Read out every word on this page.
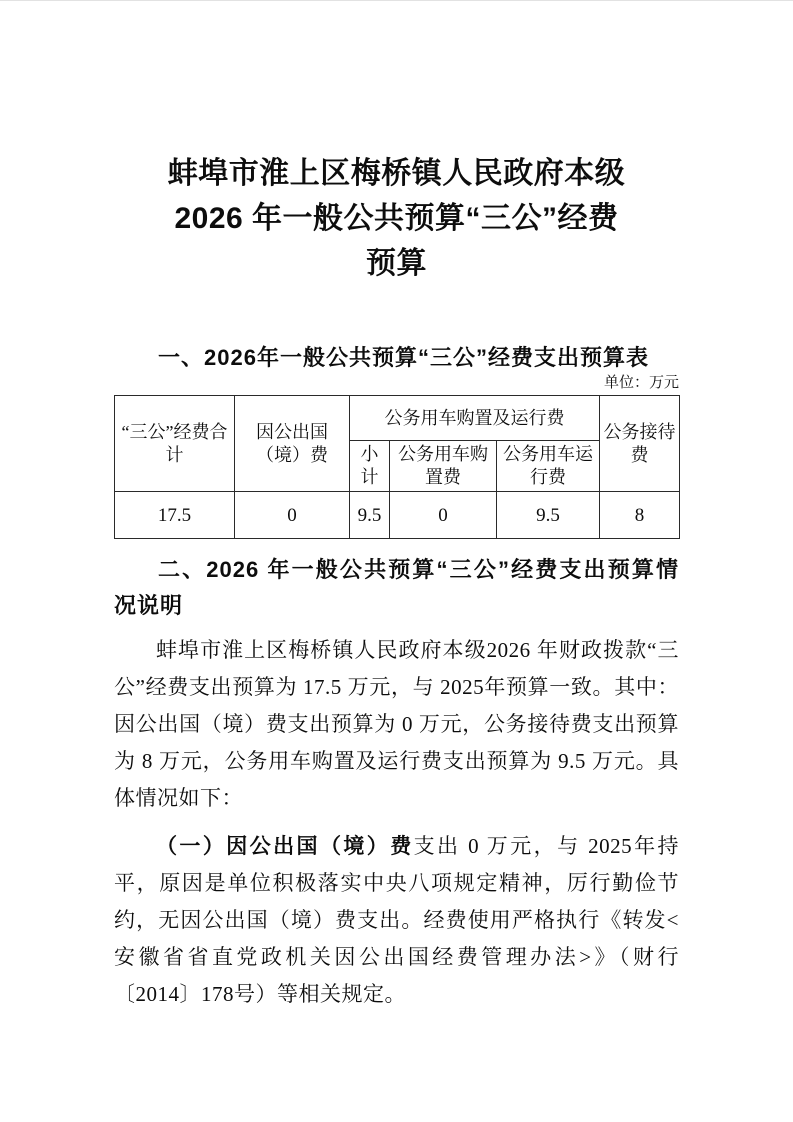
蚌埠市淮上区梅桥镇人民政府本级
2026 年一般公共预算“三公”经费
预算
一、2026年一般公共预算“三公”经费支出预算表
单位：万元
“三公”经费合计	因公出国（境）费	公务用车购置及运行费			公务接待费
		小计	公务用车购置费	公务用车运行费	
17.5	0	9.5	0	9.5	8
二、2026 年一般公共预算“三公”经费支出预算情况说明

蚌埠市淮上区梅桥镇人民政府本级2026 年财政拨款“三公”经费支出预算为 17.5 万元，与 2025年预算一致。其中：因公出国（境）费支出预算为 0 万元，公务接待费支出预算为 8 万元，公务用车购置及运行费支出预算为 9.5 万元。具体情况如下：

（一）因公出国（境）费支出 0 万元，与 2025年持平，原因是单位积极落实中央八项规定精神，厉行勤俭节约，无因公出国（境）费支出。经费使用严格执行《转发<安徽省省直党政机关因公出国经费管理办法>》（财行〔2014〕178号）等相关规定。
